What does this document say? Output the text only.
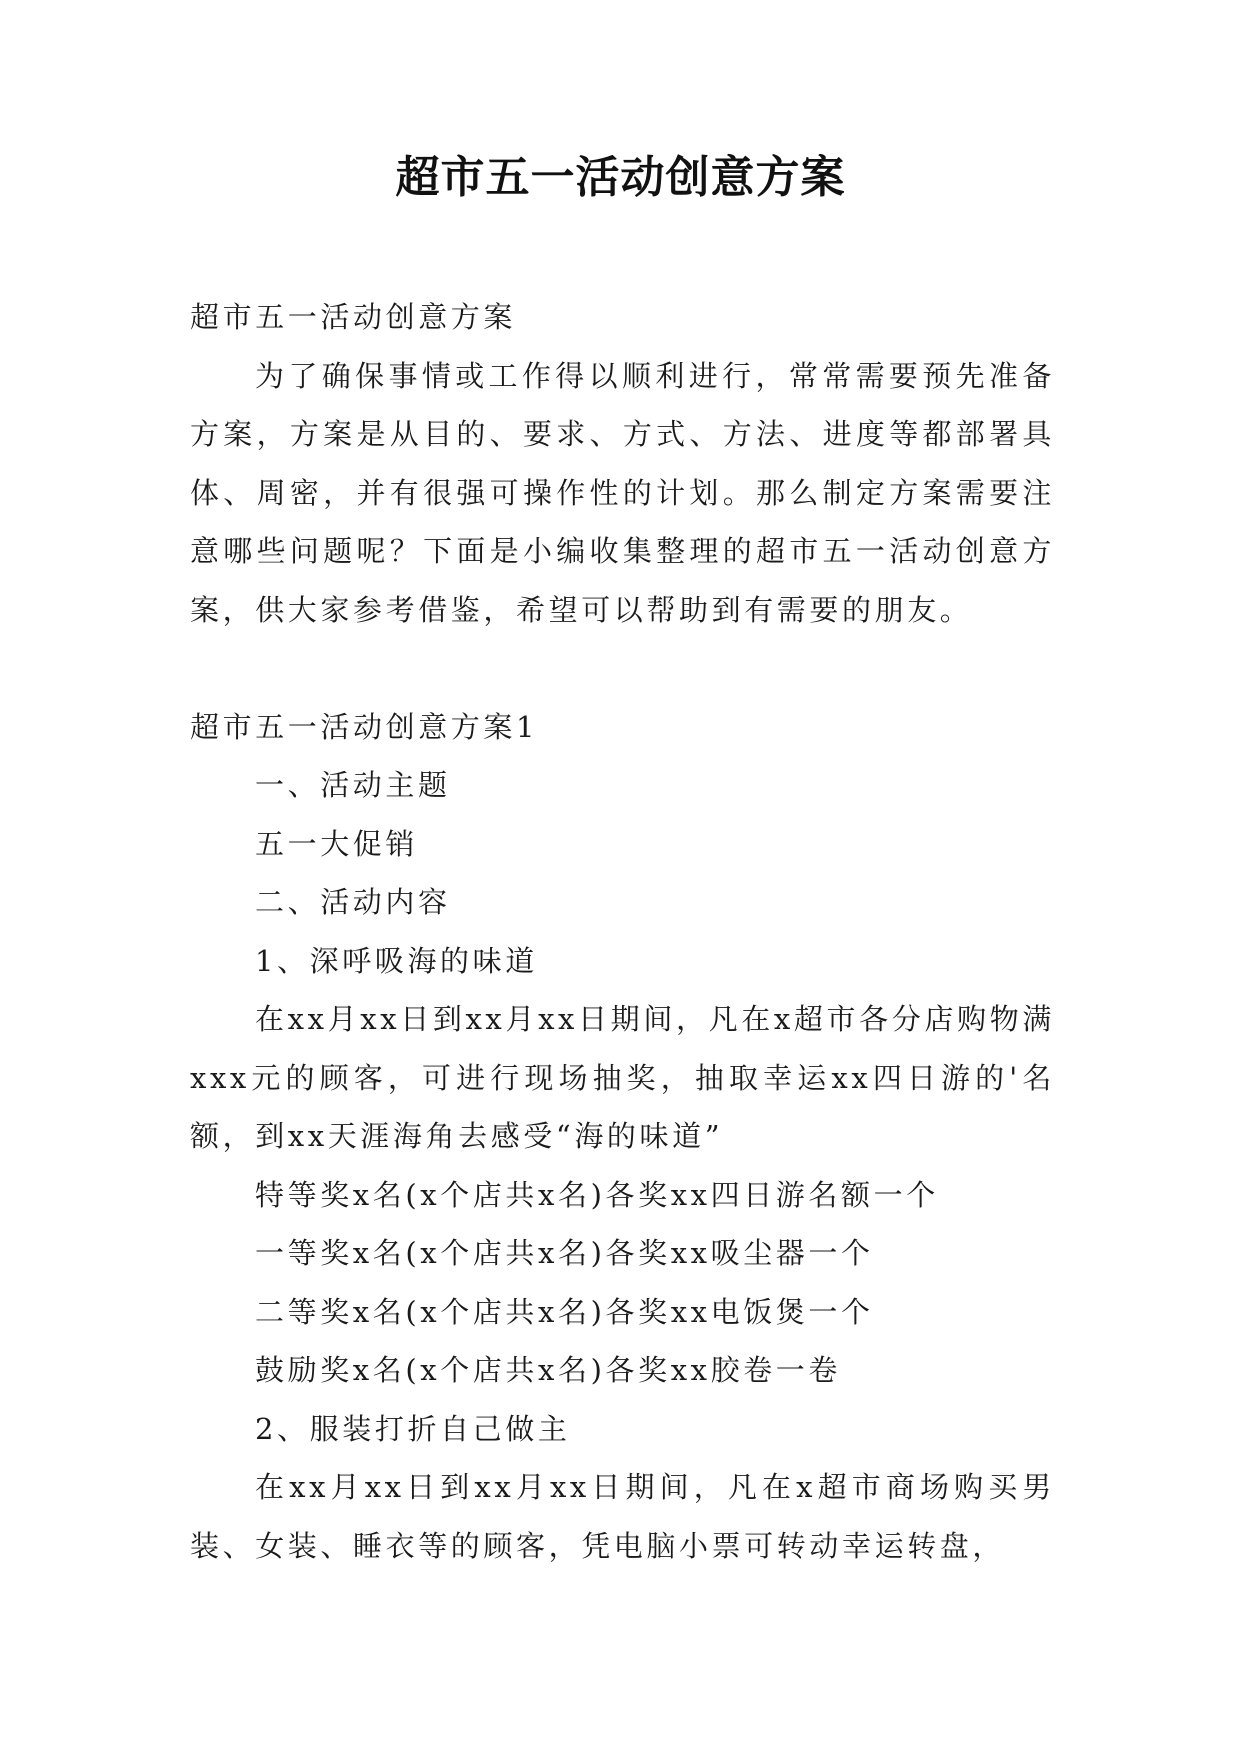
超市五一活动创意方案

超市五一活动创意方案

为了确保事情或工作得以顺利进行，常常需要预先准备方案，方案是从目的、要求、方式、方法、进度等都部署具体、周密，并有很强可操作性的计划。那么制定方案需要注意哪些问题呢？下面是小编收集整理的超市五一活动创意方案，供大家参考借鉴，希望可以帮助到有需要的朋友。

超市五一活动创意方案1

一、活动主题

五一大促销

二、活动内容

1、深呼吸海的味道

在xx月xx日到xx月xx日期间，凡在x超市各分店购物满xxx元的顾客，可进行现场抽奖，抽取幸运xx四日游的'名额，到xx天涯海角去感受“海的味道”

特等奖x名(x个店共x名)各奖xx四日游名额一个

一等奖x名(x个店共x名)各奖xx吸尘器一个

二等奖x名(x个店共x名)各奖xx电饭煲一个

鼓励奖x名(x个店共x名)各奖xx胶卷一卷

2、服装打折自己做主

在xx月xx日到xx月xx日期间，凡在x超市商场购买男装、女装、睡衣等的顾客，凭电脑小票可转动幸运转盘，
